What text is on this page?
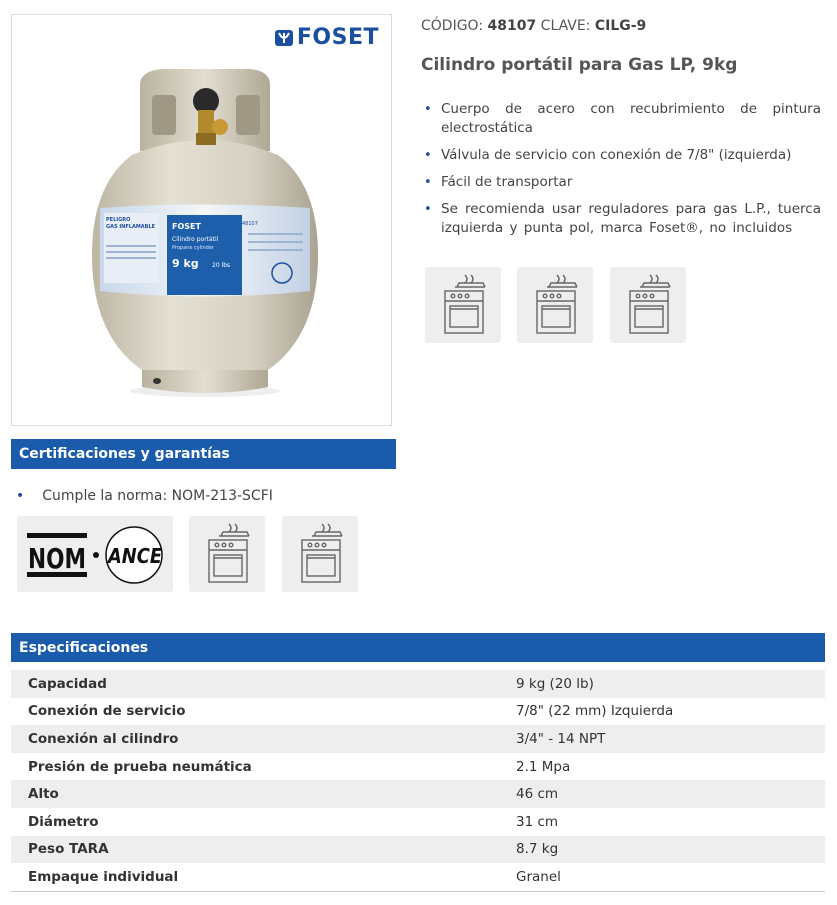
FOSET
Cilindro portátil
Propane cylinder
9 kg 20 lbs
48107
PELIGRO
GAS INFLAMABLE
FOSET	CÓDIGO: 48107 CLAVE: CILG-9
Cilindro portátil para Gas LP, 9kg
• Cuerpo de acero con recubrimiento de pintura electrostática
• Válvula de servicio con conexión de 7/8" (izquierda)
• Fácil de transportar
• Se recomienda usar reguladores para gas L.P., tuerca izquierda y punta pol, marca Foset®, no incluidos
Certificaciones y garantías
• Cumple la norma: NOM-213-SCFI
NOM ANCE
Especificaciones
Capacidad	9 kg (20 lb)
Conexión de servicio	7/8" (22 mm) Izquierda
Conexión al cilindro	3/4" - 14 NPT
Presión de prueba neumática	2.1 Mpa
Alto	46 cm
Diámetro	31 cm
Peso TARA	8.7 kg
Empaque individual	Granel
